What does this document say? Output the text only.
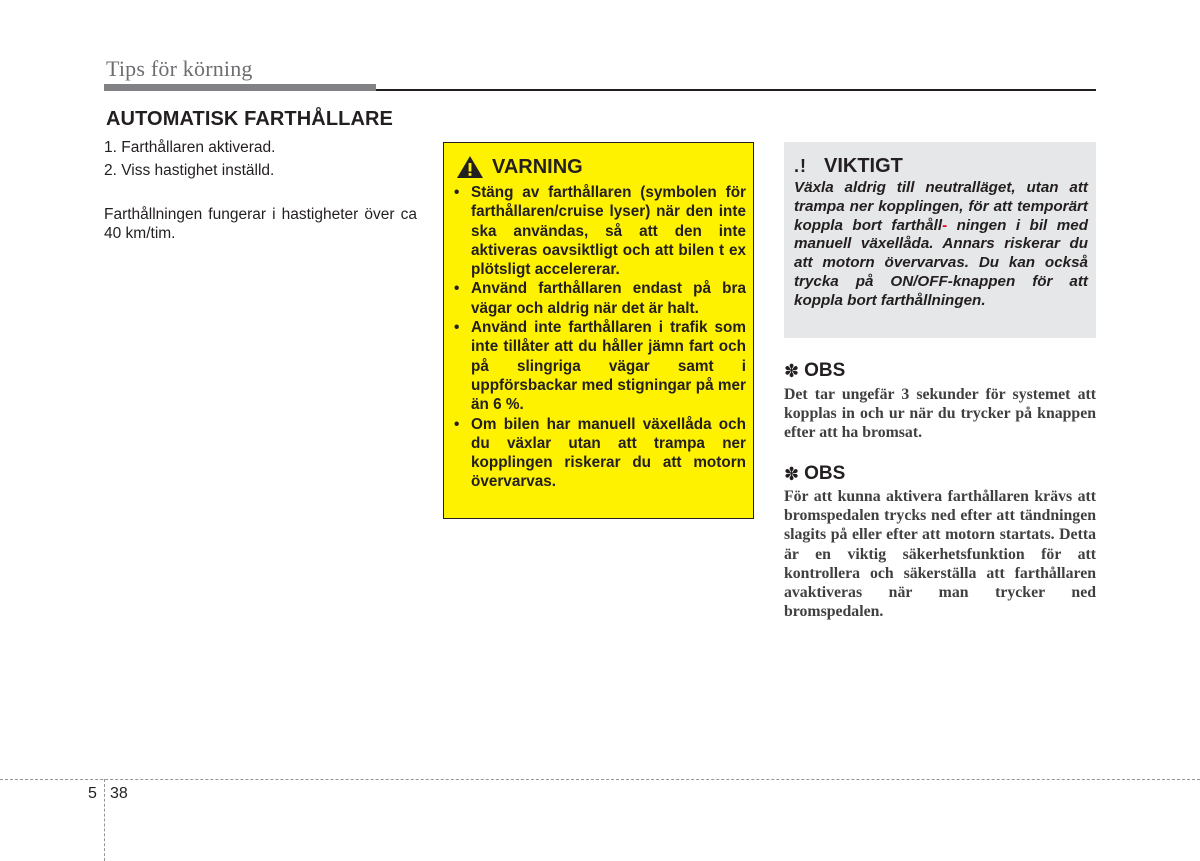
Tips för körning
AUTOMATISK FARTHÅLLARE
1. Farthållaren aktiverad.
2. Viss hastighet inställd.
Farthållningen fungerar i hastigheter över ca 40 km/tim.
VARNING
• Stäng av farthållaren (symbolen för farthållaren/cruise lyser) när den inte ska användas, så att den inte aktiveras oavsiktligt och att bilen t ex plötsligt accelererar.
• Använd farthållaren endast på bra vägar och aldrig när det är halt.
• Använd inte farthållaren i trafik som inte tillåter att du håller jämn fart och på slingriga vägar samt i uppförsbackar med stigningar på mer än 6 %.
• Om bilen har manuell växellåda och du växlar utan att trampa ner kopplingen riskerar du att motorn övervarvas.
.! VIKTIGT
Växla aldrig till neutralläget, utan att trampa ner kopplingen, för att temporärt koppla bort farthåll- ningen i bil med manuell växellåda. Annars riskerar du att motorn övervarvas. Du kan också trycka på ON/OFF-knappen för att koppla bort farthållningen.
✽ OBS
Det tar ungefär 3 sekunder för systemet att kopplas in och ur när du trycker på knappen efter att ha bromsat.
✽ OBS
För att kunna aktivera farthållaren krävs att bromspedalen trycks ned efter att tändningen slagits på eller efter att motorn startats. Detta är en viktig säkerhetsfunktion för att kontrollera och säkerställa att farthållaren avaktiveras när man trycker ned bromspedalen.
5 38
